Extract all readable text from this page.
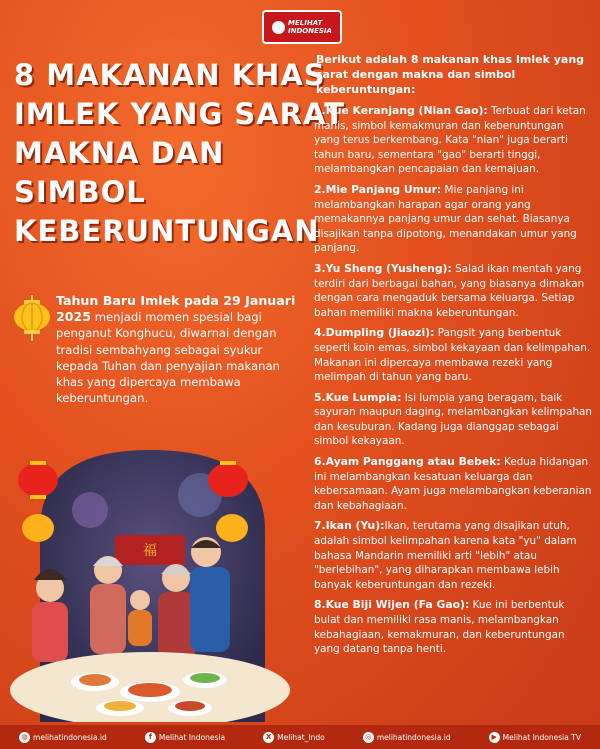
MELIHAT
INDONESIA
8 MAKANAN KHAS
IMLEK YANG SARAT
MAKNA DAN
SIMBOL
KEBERUNTUNGAN
Tahun Baru Imlek pada 29 Januari 2025 menjadi momen spesial bagi penganut Konghucu, diwarnai dengan tradisi sembahyang sebagai syukur kepada Tuhan dan penyajian makanan khas yang dipercaya membawa keberuntungan.
福
Berikut adalah 8 makanan khas Imlek yang sarat dengan makna dan simbol keberuntungan:
1.Kue Keranjang (Nian Gao): Terbuat dari ketan manis, simbol kemakmuran dan keberuntungan yang terus berkembang. Kata "nian" juga berarti tahun baru, sementara "gao" berarti tinggi, melambangkan pencapaian dan kemajuan.
2.Mie Panjang Umur: Mie panjang ini melambangkan harapan agar orang yang memakannya panjang umur dan sehat. Biasanya disajikan tanpa dipotong, menandakan umur yang panjang.
3.Yu Sheng (Yusheng): Salad ikan mentah yang terdiri dari berbagai bahan, yang biasanya dimakan dengan cara mengaduk bersama keluarga. Setiap bahan memiliki makna keberuntungan.
4.Dumpling (Jiaozi): Pangsit yang berbentuk seperti koin emas, simbol kekayaan dan kelimpahan. Makanan ini dipercaya membawa rezeki yang melimpah di tahun yang baru.
5.Kue Lumpia: Isi lumpia yang beragam, baik sayuran maupun daging, melambangkan kelimpahan dan kesuburan. Kadang juga dianggap sebagai simbol kekayaan.
6.Ayam Panggang atau Bebek: Kedua hidangan ini melambangkan kesatuan keluarga dan kebersamaan. Ayam juga melambangkan keberanian dan kebahagiaan.
7.Ikan (Yu):Ikan, terutama yang disajikan utuh, adalah simbol kelimpahan karena kata "yu" dalam bahasa Mandarin memiliki arti "lebih" atau "berlebihan", yang diharapkan membawa lebih banyak keberuntungan dan rezeki.
8.Kue Biji Wijen (Fa Gao): Kue ini berbentuk bulat dan memiliki rasa manis, melambangkan kebahagiaan, kemakmuran, dan keberuntungan yang datang tanpa henti.
◍ melihatindonesia.id	f Melihat Indonesia	X Melihat_Indo	◎ melihatindonesia.id	▶ Melihat Indonesia TV
